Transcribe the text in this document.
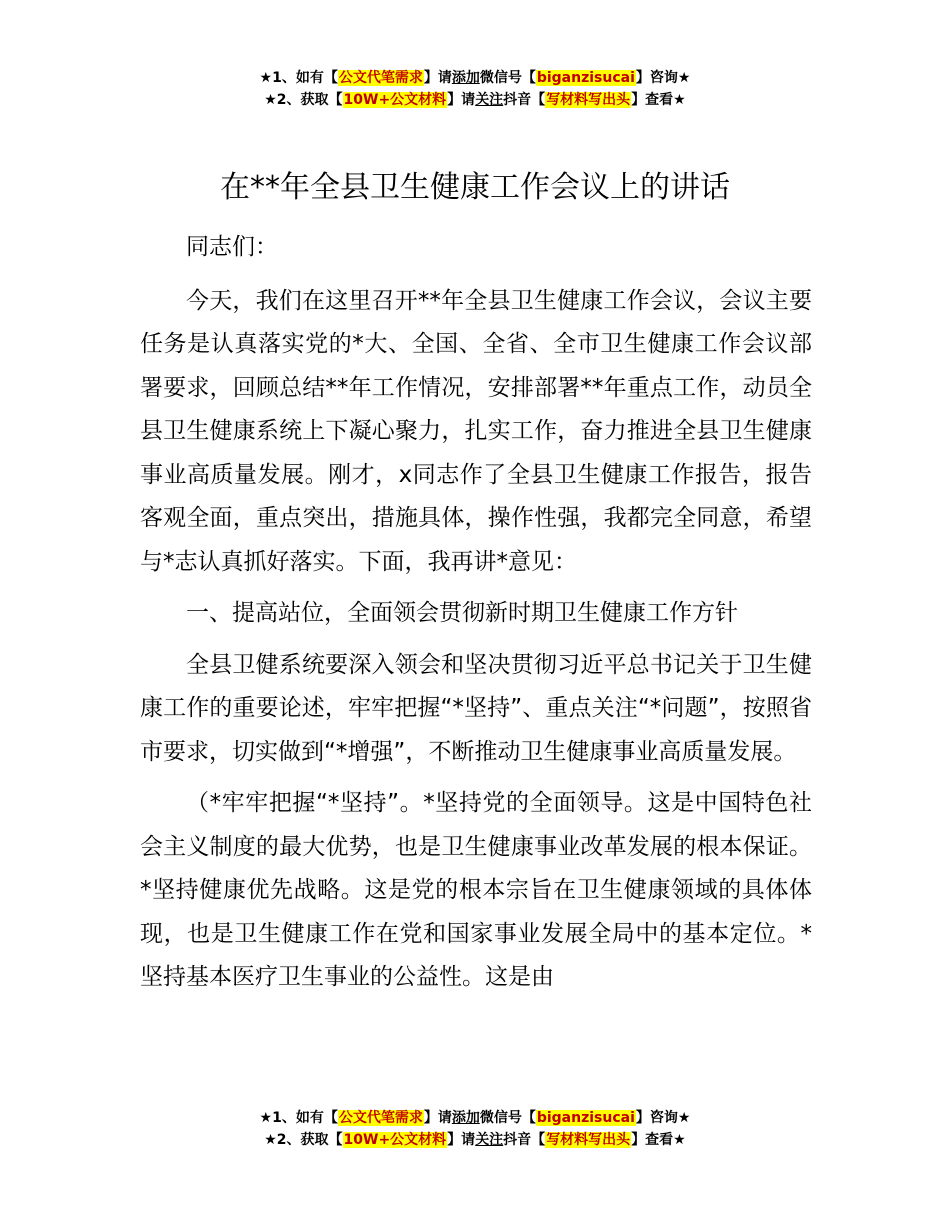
★1、如有【公文代笔需求】请添加微信号【biganzisucai】咨询★
★2、获取【10W+公文材料】请关注抖音【写材料写出头】查看★
在**年全县卫生健康工作会议上的讲话

同志们：

今天，我们在这里召开**年全县卫生健康工作会议，会议主要任务是认真落实党的*大、全国、全省、全市卫生健康工作会议部署要求，回顾总结**年工作情况，安排部署**年重点工作，动员全县卫生健康系统上下凝心聚力，扎实工作，奋力推进全县卫生健康事业高质量发展。刚才，x同志作了全县卫生健康工作报告，报告客观全面，重点突出，措施具体，操作性强，我都完全同意，希望与*志认真抓好落实。下面，我再讲*意见：

一、提高站位，全面领会贯彻新时期卫生健康工作方针

全县卫健系统要深入领会和坚决贯彻习近平总书记关于卫生健康工作的重要论述，牢牢把握“*坚持”、重点关注“*问题”，按照省市要求，切实做到“*增强”，不断推动卫生健康事业高质量发展。

（*牢牢把握“*坚持”。*坚持党的全面领导。这是中国特色社会主义制度的最大优势，也是卫生健康事业改革发展的根本保证。*坚持健康优先战略。这是党的根本宗旨在卫生健康领域的具体体现，也是卫生健康工作在党和国家事业发展全局中的基本定位。*坚持基本医疗卫生事业的公益性。这是由

★1、如有【公文代笔需求】请添加微信号【biganzisucai】咨询★
★2、获取【10W+公文材料】请关注抖音【写材料写出头】查看★
